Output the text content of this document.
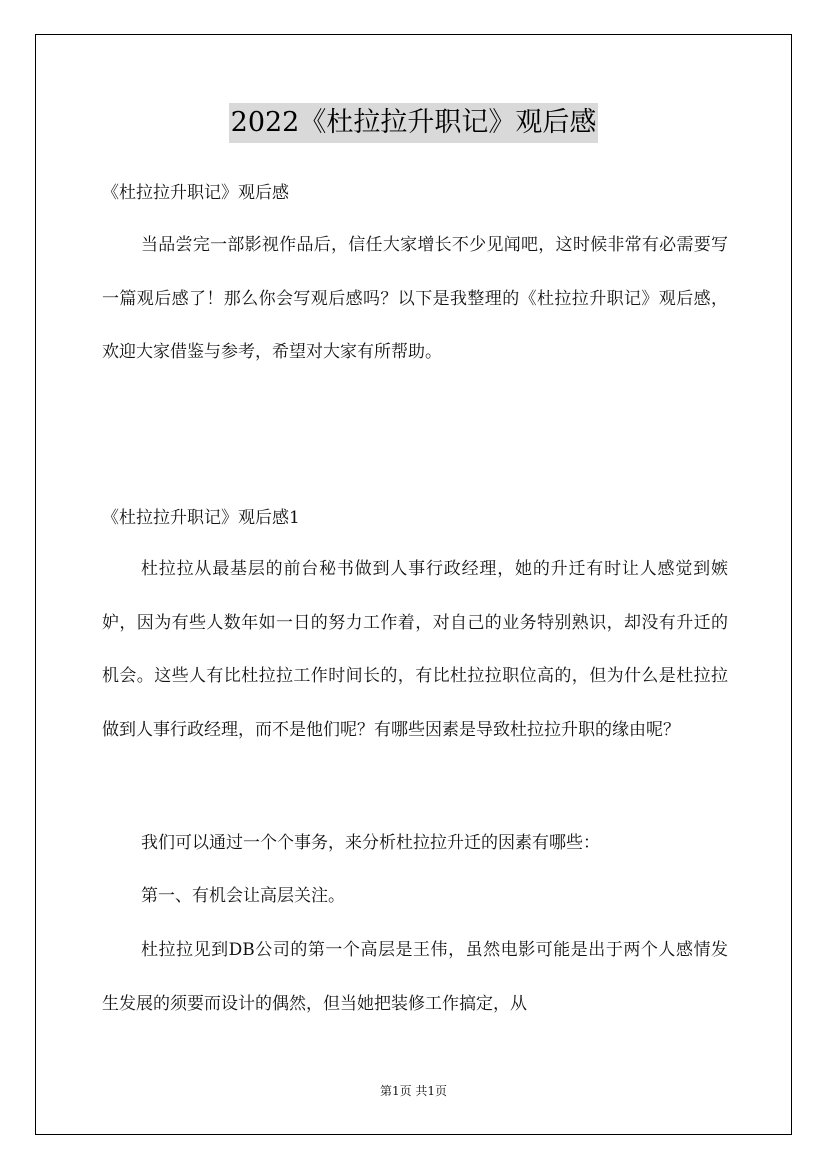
2022《杜拉拉升职记》观后感
《杜拉拉升职记》观后感

当品尝完一部影视作品后，信任大家增长不少见闻吧，这时候非常有必需要写一篇观后感了！那么你会写观后感吗？以下是我整理的《杜拉拉升职记》观后感，欢迎大家借鉴与参考，希望对大家有所帮助。

《杜拉拉升职记》观后感1

杜拉拉从最基层的前台秘书做到人事行政经理，她的升迁有时让人感觉到嫉妒，因为有些人数年如一日的努力工作着，对自己的业务特别熟识，却没有升迁的机会。这些人有比杜拉拉工作时间长的，有比杜拉拉职位高的，但为什么是杜拉拉做到人事行政经理，而不是他们呢？有哪些因素是导致杜拉拉升职的缘由呢？

我们可以通过一个个事务，来分析杜拉拉升迁的因素有哪些：

第一、有机会让高层关注。

杜拉拉见到DB公司的第一个高层是王伟，虽然电影可能是出于两个人感情发生发展的须要而设计的偶然，但当她把装修工作搞定，从

第1页 共1页
